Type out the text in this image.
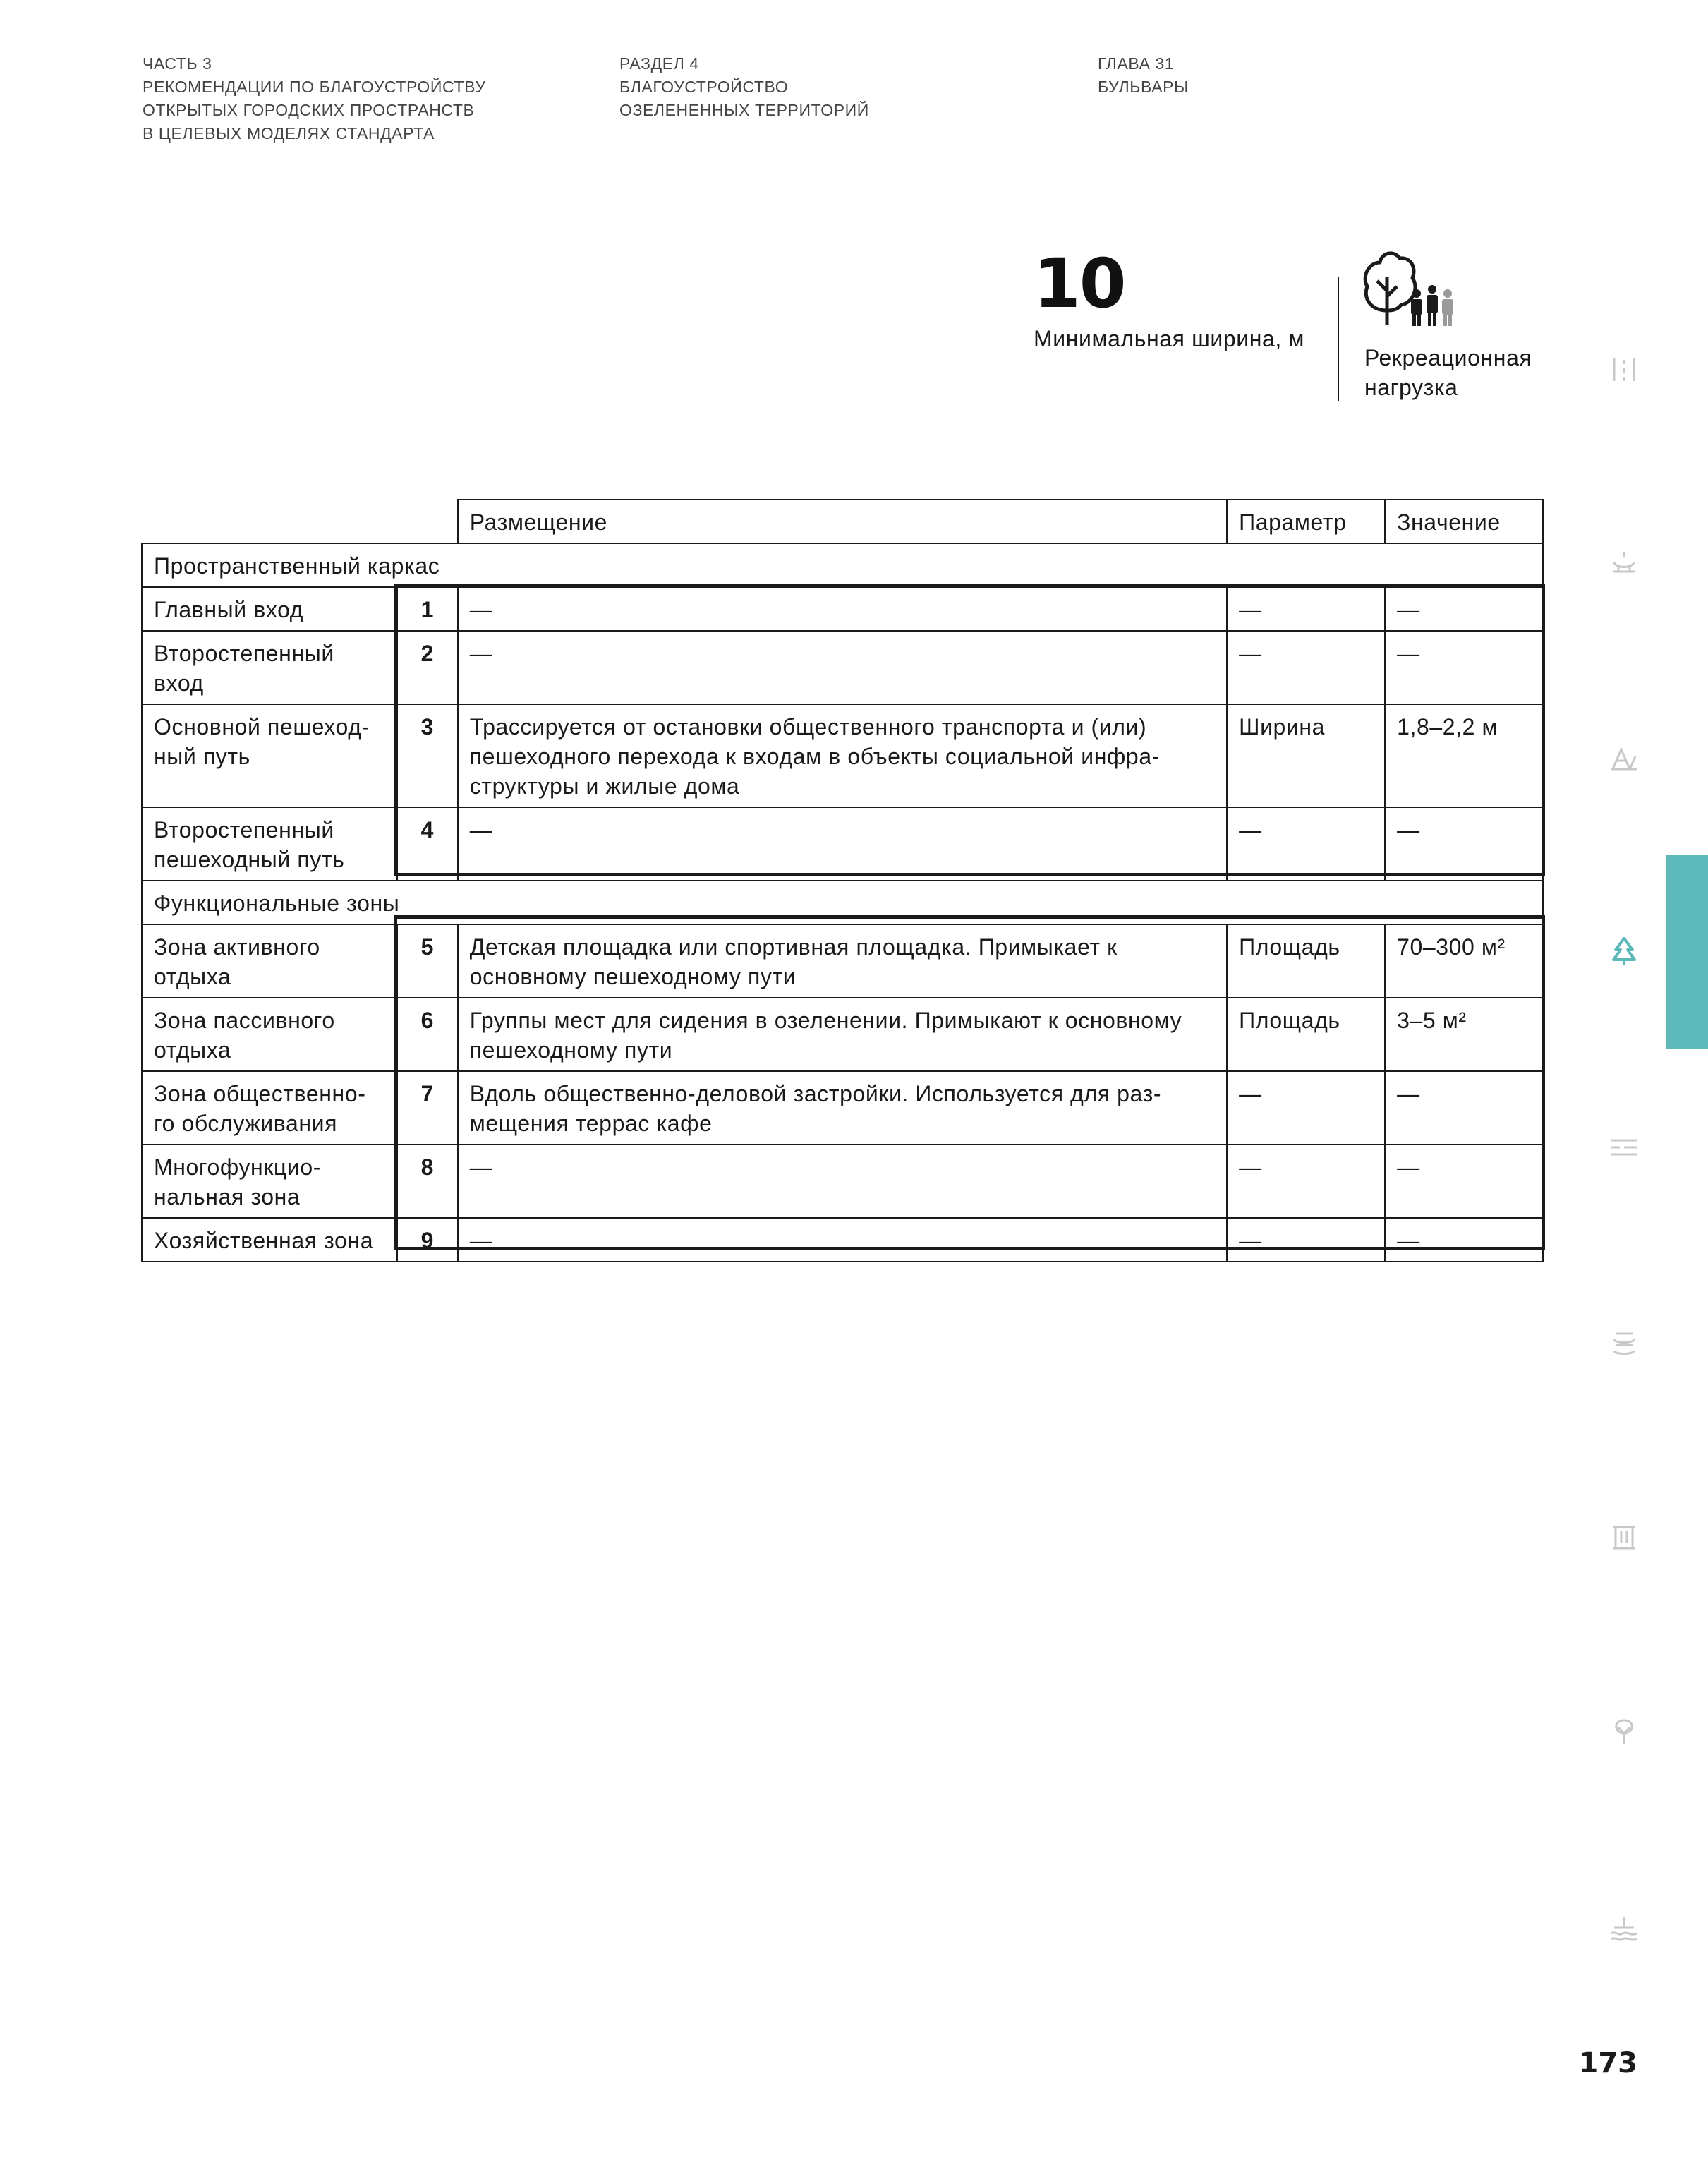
ЧАСТЬ 3
РЕКОМЕНДАЦИИ ПО БЛАГОУСТРОЙСТВУ
ОТКРЫТЫХ ГОРОДСКИХ ПРОСТРАНСТВ
В ЦЕЛЕВЫХ МОДЕЛЯХ СТАНДАРТА
РАЗДЕЛ 4
БЛАГОУСТРОЙСТВО
ОЗЕЛЕНЕННЫХ ТЕРРИТОРИЙ
ГЛАВА 31
БУЛЬВАРЫ
10
Минимальная ширина, м
Рекреационная
нагрузка
		Размещение	Параметр	Значение
Пространственный каркас				
Главный вход	1	—	—	—
Второстепенный вход	2	—	—	—
Основной пешеход-ный путь	3	Трассируется от остановки общественного транспорта и (или) пешеходного перехода к входам в объекты социальной инфра-структуры и жилые дома	Ширина	1,8–2,2 м
Второстепенный пешеходный путь	4	—	—	—
Функциональные зоны				
Зона активного отдыха	5	Детская площадка или спортивная площадка. Примыкает к основному пешеходному пути	Площадь	70–300 м²
Зона пассивного отдыха	6	Группы мест для сидения в озеленении. Примыкают к основному пешеходному пути	Площадь	3–5 м²
Зона общественно-го обслуживания	7	Вдоль общественно-деловой застройки. Используется для раз-мещения террас кафе	—	—
Многофункцио-нальная зона	8	—	—	—
Хозяйственная зона	9	—	—	—
173
